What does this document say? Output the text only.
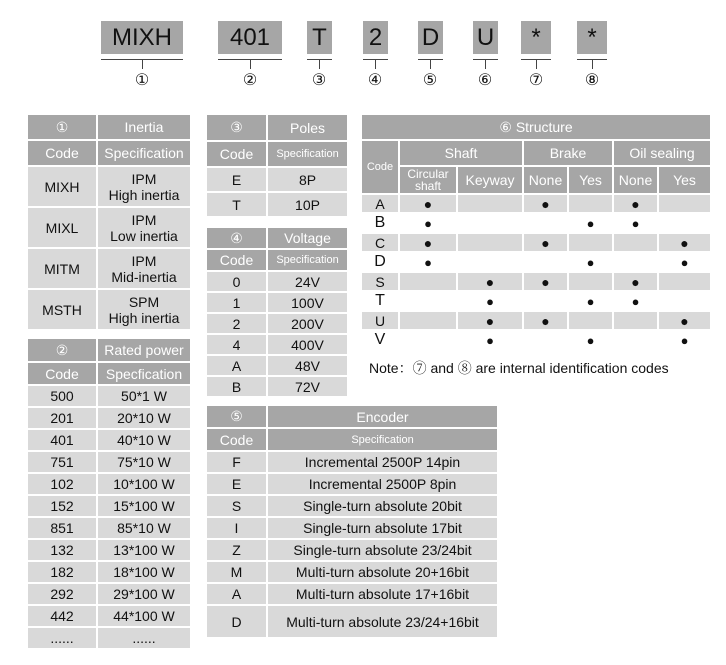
MIXH	401	T 2 D U	*	*
①	②	③	④	⑤	⑥	⑦	⑧
①	Inertia
Code	Specification
MIXH	IPM
High inertia

MIXL	IPM
Low inertia

MITM	IPM
Mid-inertia

MSTH	SPM
High inertia
②	Rated power
Code	Specfication
500	50*1 W
201	20*10 W
401	40*10 W
751	75*10 W
102	10*100 W
152	15*100 W
851	85*10 W
132	13*100 W
182	18*100 W
292	29*100 W
442	44*100 W
......	......
③	Poles
Code	Specification
E	8P
T	10P
④	Voltage
Code	Specification
0	24V
1	100V
2	200V
4	400V
A	48V
B	72V
⑤	Encoder
Code	Specification
F	Incremental 2500P 14pin
E	Incremental 2500P 8pin
S	Single-turn absolute 20bit
I	Single-turn absolute 17bit
Z	Single-turn absolute 23/24bit
M	Multi-turn absolute 20+16bit
A	Multi-turn absolute 17+16bit
D	Multi-turn absolute 23/24+16bit
⑥ Structure						
Code	Shaft		Brake		Oil sealing	
	Circular shaft	Keyway	None	Yes	None	Yes
A	●		●		●	
B	●			●	●	
C	●		●			●
D	●			●		●
S		●	●		●	
T		●		●	●	
U		●	●			●
V		●		●		●
Note：⑦ and ⑧ are internal identification codes
